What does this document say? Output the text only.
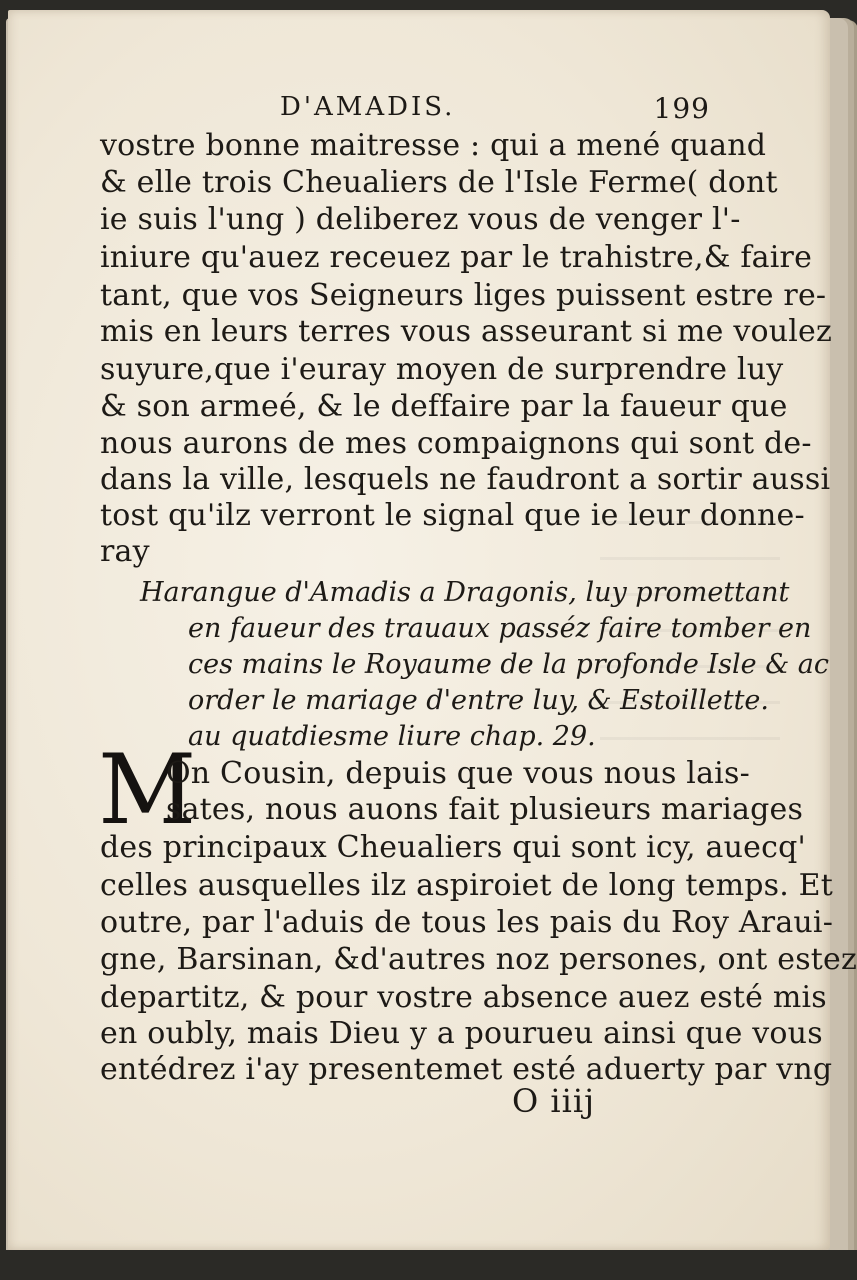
D'AMADIS.	199
vostre bonne maitresse : qui a mené quand
& elle trois Cheualiers de l'Isle Ferme( dont
ie suis l'ung ) deliberez vous de venger l'-
iniure qu'auez receuez par le trahistre,& faire
tant, que vos Seigneurs liges puissent estre re-
mis en leurs terres vous asseurant si me voulez
suyure,que i'euray moyen de surprendre luy
& son armeé, & le deffaire par la faueur que
nous aurons de mes compaignons qui sont de-
dans la ville, lesquels ne faudront a sortir aussi
tost qu'ilz verront le signal que ie leur donne-
ray
Harangue d'Amadis a Dragonis, luy promettant
en faueur des trauaux passéz faire tomber en
ces mains le Royaume de la profonde Isle & ac
order le mariage d'entre luy, & Estoillette.
au quatdiesme liure chap. 29.
M
On Cousin, depuis que vous nous lais-
sates, nous auons fait plusieurs mariages
des principaux Cheualiers qui sont icy, auecq'
celles ausquelles ilz aspiroiet de long temps. Et
outre, par l'aduis de tous les pais du Roy Araui-
gne, Barsinan, &d'autres noz persones, ont estez
departitz, & pour vostre absence auez esté mis
en oubly, mais Dieu y a pourueu ainsi que vous
entédrez i'ay presentemet esté aduerty par vng
O iiij
